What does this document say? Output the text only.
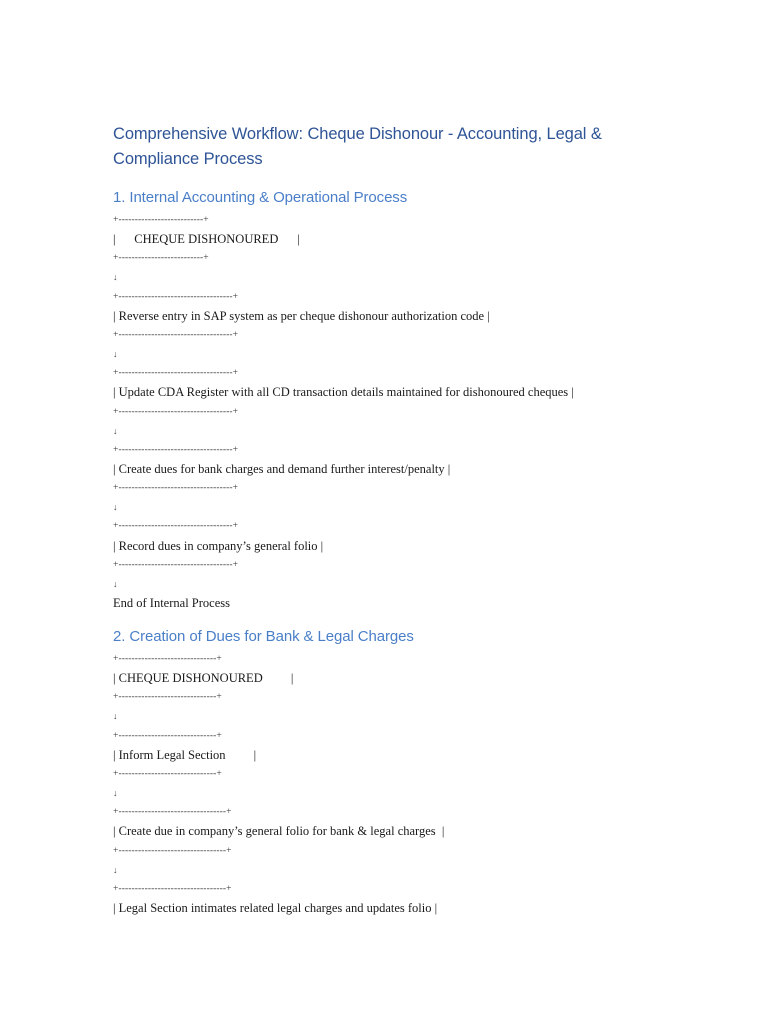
Comprehensive Workflow: Cheque Dishonour - Accounting, Legal & Compliance Process
1. Internal Accounting & Operational Process
+--------------------------+
|      CHEQUE DISHONOURED      |
+--------------------------+
↓
+-----------------------------------+
| Reverse entry in SAP system as per cheque dishonour authorization code |
+-----------------------------------+
↓
+-----------------------------------+
| Update CDA Register with all CD transaction details maintained for dishonoured cheques |
+-----------------------------------+
↓
+-----------------------------------+
| Create dues for bank charges and demand further interest/penalty |
+-----------------------------------+
↓
+-----------------------------------+
| Record dues in company’s general folio |
+-----------------------------------+
↓
End of Internal Process
2. Creation of Dues for Bank & Legal Charges
+------------------------------+
| CHEQUE DISHONOURED         |
+------------------------------+
↓
+------------------------------+
| Inform Legal Section         |
+------------------------------+
↓
+---------------------------------+
| Create due in company’s general folio for bank & legal charges  |
+---------------------------------+
↓
+---------------------------------+
| Legal Section intimates related legal charges and updates folio |
